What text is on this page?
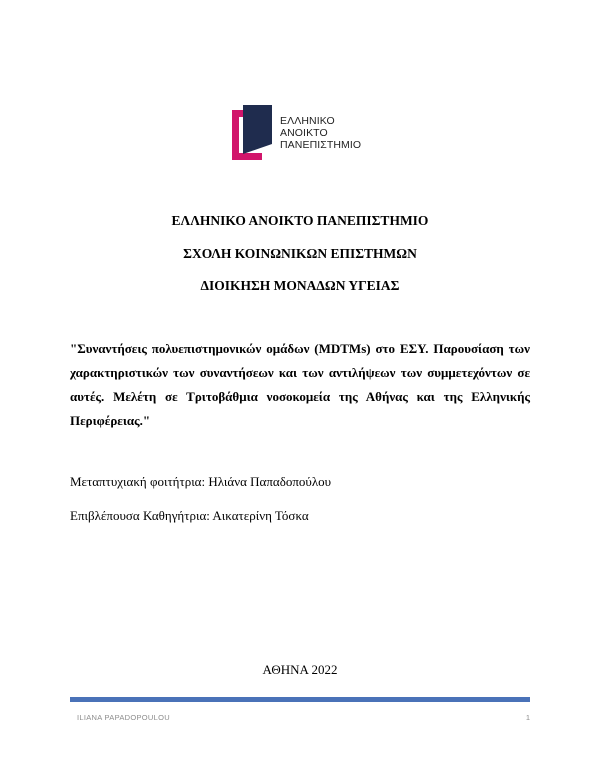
ΕΛΛΗΝΙΚΟ
ΑΝΟΙΚΤΟ
ΠΑΝΕΠΙΣΤΗΜΙΟ
ΕΛΛΗΝΙΚΟ ΑΝΟΙΚΤΟ ΠΑΝΕΠΙΣΤΗΜΙΟ
ΣΧΟΛΗ ΚΟΙΝΩΝΙΚΩΝ ΕΠΙΣΤΗΜΩΝ
ΔΙΟΙΚΗΣΗ ΜΟΝΑΔΩΝ ΥΓΕΙΑΣ
"Συναντήσεις πολυεπιστημονικών ομάδων (MDTMs) στο ΕΣΥ. Παρουσίαση των χαρακτηριστικών των συναντήσεων και των αντιλήψεων των συμμετεχόντων σε αυτές. Μελέτη σε Τριτοβάθμια νοσοκομεία της Αθήνας και της Ελληνικής Περιφέρειας."
Μεταπτυχιακή φοιτήτρια: Ηλιάνα Παπαδοπούλου
Επιβλέπουσα Καθηγήτρια: Αικατερίνη Τόσκα
ΑΘΗΝΑ 2022
ILIANA PAPADOPOULOU	1
